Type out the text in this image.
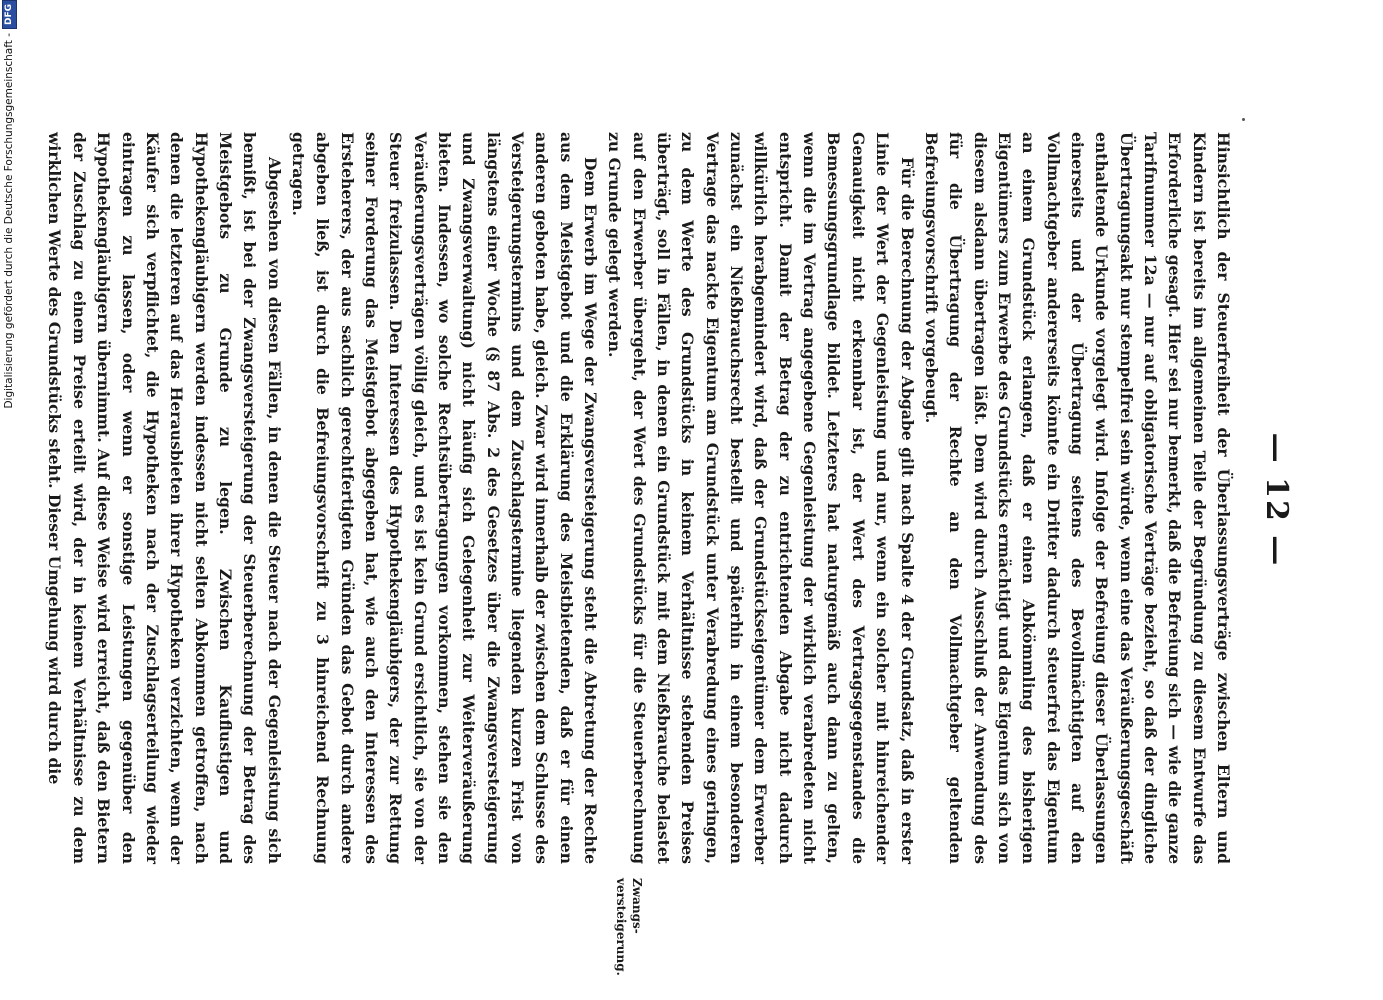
— 12 —

Hinsichtlich der Steuerfreiheit der Überlassungsverträge zwischen Eltern und Kindern ist bereits im allgemeinen Teile der Begründung zu diesem Entwurfe das Erforderliche gesagt. Hier sei nur bemerkt, daß die Befreiung sich — wie die ganze Tarifnummer 12a — nur auf obligatorische Verträge bezieht, so daß der dingliche Übertragungsakt nur stempelfrei sein würde, wenn eine das Veräußerungsgeschäft enthaltende Urkunde vorgelegt wird. Infolge der Befreiung dieser Überlassungen einerseits und der Übertragung seitens des Bevollmächtigten auf den Vollmachtgeber andererseits könnte ein Dritter dadurch steuerfrei das Eigentum an einem Grundstück erlangen, daß er einen Abkömmling des bisherigen Eigentümers zum Erwerbe des Grundstücks ermächtigt und das Eigentum sich von diesem alsdann übertragen läßt. Dem wird durch Ausschluß der Anwendung des für die Übertragung der Rechte an den Vollmachtgeber geltenden Befreiungsvorschrift vorgebeugt.

Für die Berechnung der Abgabe gilt nach Spalte 4 der Grundsatz, daß in erster Linie der Wert der Gegenleistung und nur, wenn ein solcher mit hinreichender Genauigkeit nicht erkennbar ist, der Wert des Vertragsgegenstandes die Bemessungsgrundlage bildet. Letzteres hat naturgemäß auch dann zu gelten, wenn die im Vertrag angegebene Gegenleistung der wirklich verabredeten nicht entspricht. Damit der Betrag der zu entrichtenden Abgabe nicht dadurch willkürlich herabgemindert wird, daß der Grundstückseigentümer dem Erwerber zunächst ein Nießbrauchsrecht bestellt und späterhin in einem besonderen Vertrage das nackte Eigentum am Grundstück unter Verabredung eines geringen, zu dem Werte des Grundstücks in keinem Verhältnisse stehenden Preises überträgt, soll in Fällen, in denen ein Grundstück mit dem Nießbrauche belastet auf den Erwerber übergeht, der Wert des Grundstücks für die Steuerberechnung zu Grunde gelegt werden.

Dem Erwerb im Wege der Zwangsversteigerung steht die Abtretung der Rechte aus dem Meistgebot und die Erklärung des Meistbietenden, daß er für einen anderen geboten habe, gleich. Zwar wird innerhalb der zwischen dem Schlusse des Versteigerungstermins und dem Zuschlagstermine liegenden kurzen Frist von längstens einer Woche (§ 87 Abs. 2 des Gesetzes über die Zwangsversteigerung und Zwangsverwaltung) nicht häufig sich Gelegenheit zur Weiterveräußerung bieten. Indessen, wo solche Rechtsübertragungen vorkommen, stehen sie den Veräußerungsverträgen völlig gleich, und es ist kein Grund ersichtlich, sie von der Steuer freizulassen. Den Interessen des Hypothekengläubigers, der zur Rettung seiner Forderung das Meistgebot abgegeben hat, wie auch den Interessen des Ersteherers, der aus sachlich gerechtfertigten Gründen das Gebot durch andere abgeben ließ, ist durch die Befreiungsvorschrift zu 3 hinreichend Rechnung getragen.

Abgesehen von diesen Fällen, in denen die Steuer nach der Gegenleistung sich bemißt, ist bei der Zwangsversteigerung der Steuerberechnung der Betrag des Meistgebots zu Grunde zu legen. Zwischen Kauflustigen und Hypothekengläubigern werden indessen nicht selten Abkommen getroffen, nach denen die letzteren auf das Herausbieten ihrer Hypotheken verzichten, wenn der Käufer sich verpflichtet, die Hypotheken nach der Zuschlagserteilung wieder eintragen zu lassen, oder wenn er sonstige Leistungen gegenüber den Hypothekengläubigern übernimmt. Auf diese Weise wird erreicht, daß den Bietern der Zuschlag zu einem Preise erteilt wird, der in keinem Verhältnisse zu dem wirklichen Werte des Grundstücks steht. Dieser Umgehung wird durch die

Zwangs-
versteigerung.
Digitalisierung gefördert durch die Deutsche Forschungsgemeinschaft -
DFG
